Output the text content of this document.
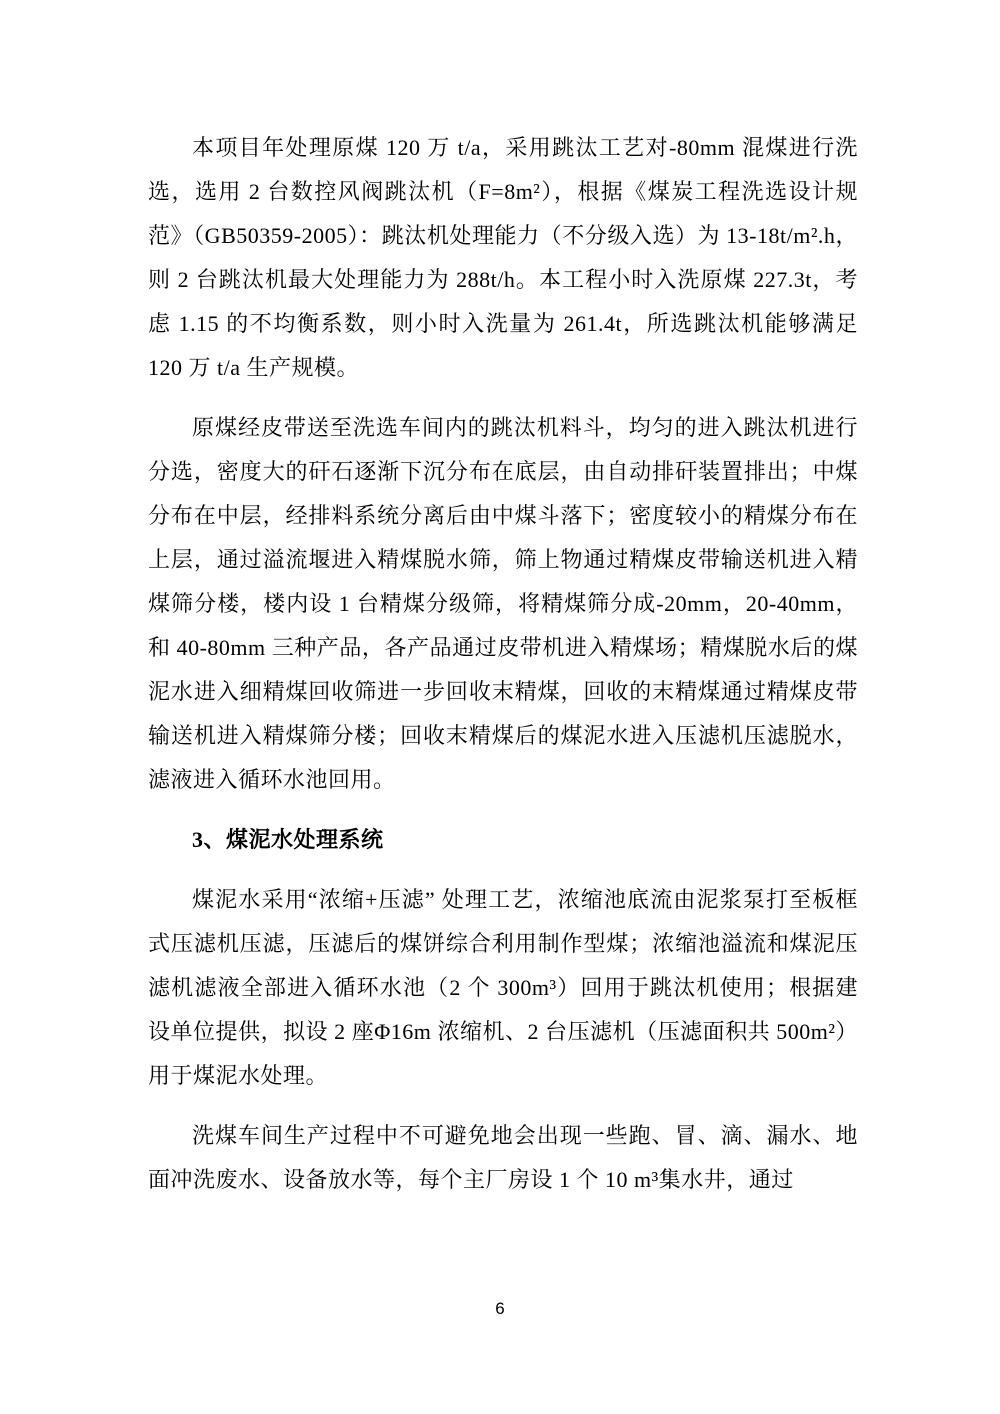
本项目年处理原煤 120 万 t/a，采用跳汰工艺对-80mm 混煤进行洗选，选用 2 台数控风阀跳汰机（F=8m²），根据《煤炭工程洗选设计规范》（GB50359-2005）：跳汰机处理能力（不分级入选）为 13-18t/m².h，则 2 台跳汰机最大处理能力为 288t/h。本工程小时入洗原煤 227.3t，考虑 1.15 的不均衡系数，则小时入洗量为 261.4t，所选跳汰机能够满足 120 万 t/a 生产规模。

原煤经皮带送至洗选车间内的跳汰机料斗，均匀的进入跳汰机进行分选，密度大的矸石逐渐下沉分布在底层，由自动排矸装置排出；中煤分布在中层，经排料系统分离后由中煤斗落下；密度较小的精煤分布在上层，通过溢流堰进入精煤脱水筛，筛上物通过精煤皮带输送机进入精煤筛分楼，楼内设 1 台精煤分级筛，将精煤筛分成-20mm，20-40mm，和 40-80mm 三种产品，各产品通过皮带机进入精煤场；精煤脱水后的煤泥水进入细精煤回收筛进一步回收末精煤，回收的末精煤通过精煤皮带输送机进入精煤筛分楼；回收末精煤后的煤泥水进入压滤机压滤脱水，滤液进入循环水池回用。

3、煤泥水处理系统

煤泥水采用“浓缩+压滤” 处理工艺，浓缩池底流由泥浆泵打至板框式压滤机压滤，压滤后的煤饼综合利用制作型煤；浓缩池溢流和煤泥压滤机滤液全部进入循环水池（2 个 300m³）回用于跳汰机使用；根据建设单位提供，拟设 2 座Φ16m 浓缩机、2 台压滤机（压滤面积共 500m²）用于煤泥水处理。

洗煤车间生产过程中不可避免地会出现一些跑、冒、滴、漏水、地面冲洗废水、设备放水等，每个主厂房设 1 个 10 m³集水井，通过

6
